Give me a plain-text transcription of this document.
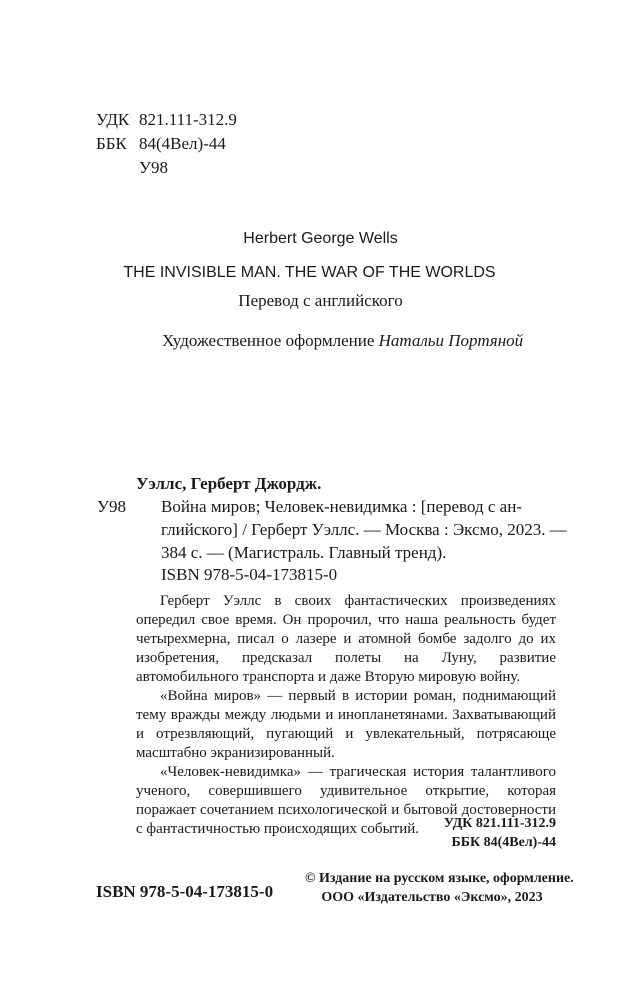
УДК 821.111-312.9
ББК 84(4Вел)-44
У98
Herbert George Wells
THE INVISIBLE MAN. THE WAR OF THE WORLDS
Перевод с английского
Художественное оформление Натальи Портяной
Уэллс, Герберт Джордж.
У98 Война миров; Человек-невидимка : [перевод с ан-
глийского] / Герберт Уэллс. — Москва : Эксмо, 2023. —
384 с. — (Магистраль. Главный тренд).
ISBN 978-5-04-173815-0

Герберт Уэллс в своих фантастических произведениях опередил свое время. Он пророчил, что наша реальность будет четырехмерна, писал о лазере и атомной бомбе задолго до их изобретения, предсказал полеты на Луну, развитие автомобильного транспорта и даже Вторую мировую войну.

«Война миров» — первый в истории роман, поднимающий тему вражды между людьми и инопланетянами. Захватывающий и отрезвляющий, пугающий и увлекательный, потрясающе масштабно экранизированный.

«Человек-невидимка» — трагическая история талантливого ученого, совершившего удивительное открытие, которая поражает сочетанием психологической и бытовой достоверности с фантастичностью происходящих событий.	УДК 821.111-312.9
ББК 84(4Вел)-44
ISBN 978-5-04-173815-0
© Издание на русском языке, оформление.
ООО «Издательство «Эксмо», 2023
